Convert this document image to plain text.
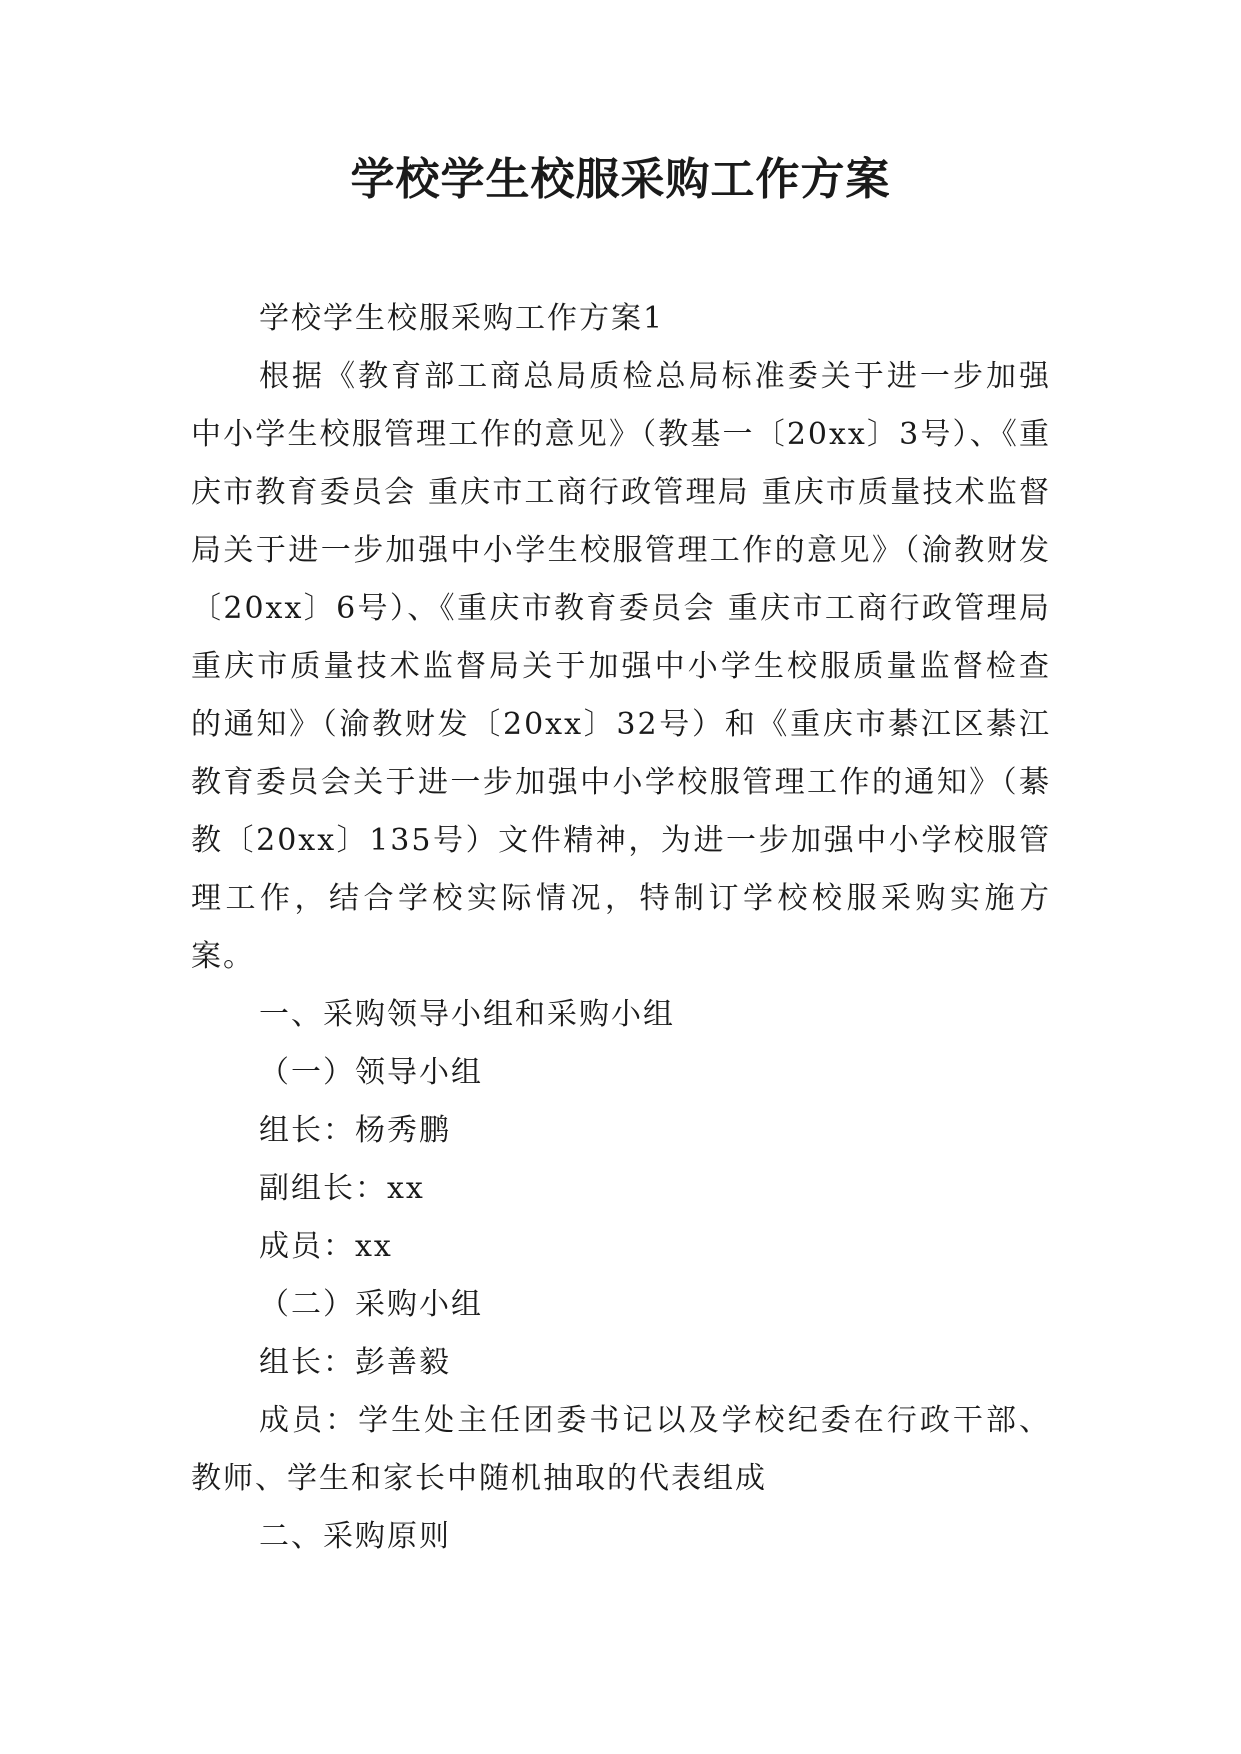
学校学生校服采购工作方案

学校学生校服采购工作方案1

根据《教育部工商总局质检总局标准委关于进一步加强中小学生校服管理工作的意见》（教基一〔20xx〕3号）、《重庆市教育委员会 重庆市工商行政管理局 重庆市质量技术监督局关于进一步加强中小学生校服管理工作的意见》（渝教财发〔20xx〕6号）、《重庆市教育委员会 重庆市工商行政管理局 重庆市质量技术监督局关于加强中小学生校服质量监督检查的通知》（渝教财发〔20xx〕32号）和《重庆市綦江区綦江教育委员会关于进一步加强中小学校服管理工作的通知》（綦教〔20xx〕135号）文件精神，为进一步加强中小学校服管理工作，结合学校实际情况，特制订学校校服采购实施方案。

一、采购领导小组和采购小组

（一）领导小组

组长：杨秀鹏

副组长：xx

成员：xx

（二）采购小组

组长：彭善毅

成员：学生处主任团委书记以及学校纪委在行政干部、教师、学生和家长中随机抽取的代表组成

二、采购原则
